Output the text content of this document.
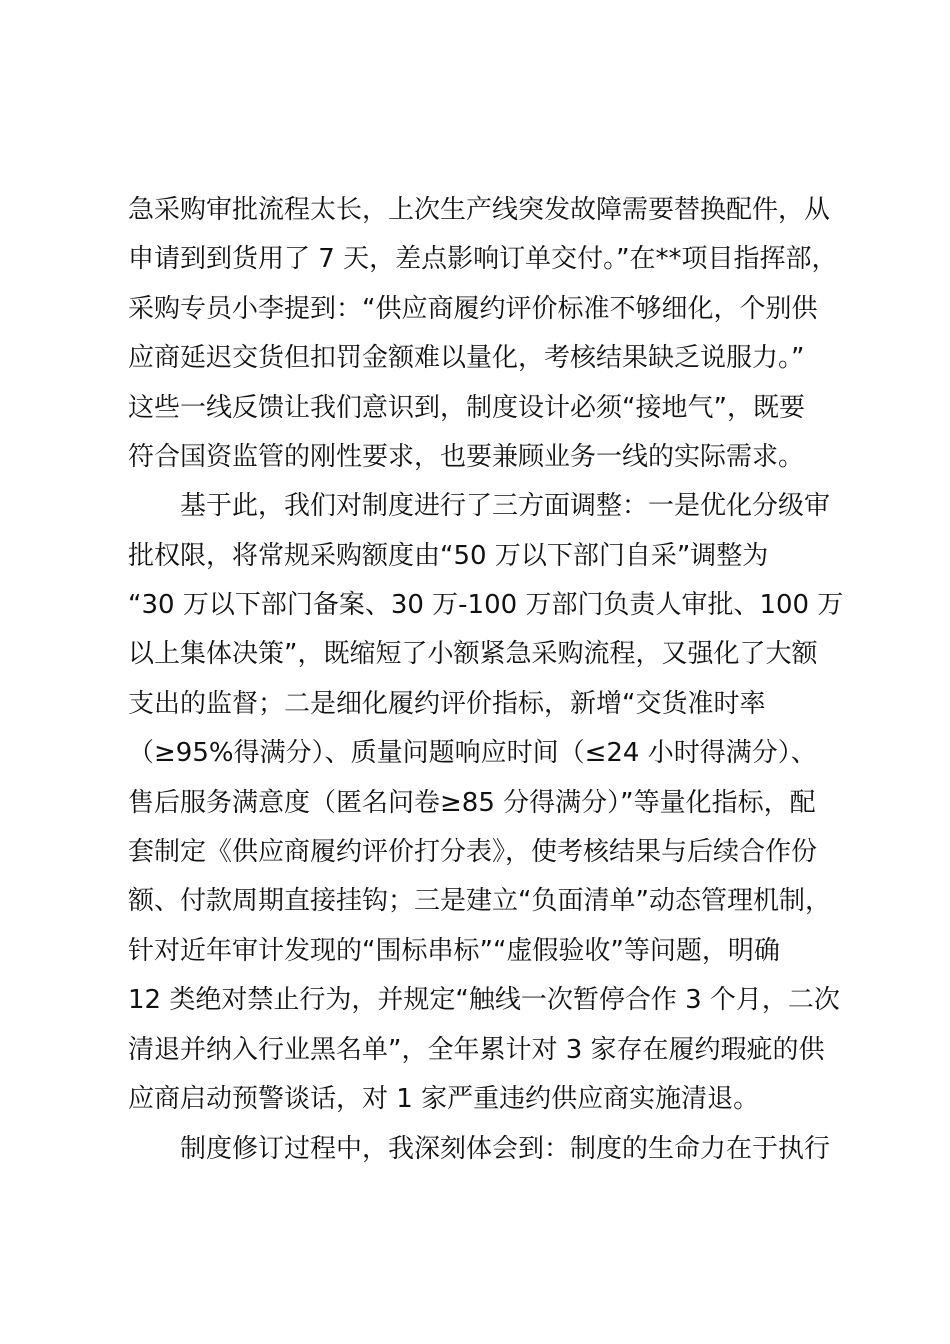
急采购审批流程太长，上次生产线突发故障需要替换配件，从
申请到到货用了 7 天，差点影响订单交付。”在**项目指挥部，
采购专员小李提到：“供应商履约评价标准不够细化，个别供
应商延迟交货但扣罚金额难以量化，考核结果缺乏说服力。”
这些一线反馈让我们意识到，制度设计必须“接地气”，既要
符合国资监管的刚性要求，也要兼顾业务一线的实际需求。
基于此，我们对制度进行了三方面调整：一是优化分级审
批权限，将常规采购额度由“50 万以下部门自采”调整为
“30 万以下部门备案、30 万-100 万部门负责人审批、100 万
以上集体决策”，既缩短了小额紧急采购流程，又强化了大额
支出的监督；二是细化履约评价指标，新增“交货准时率
（≥95%得满分）、质量问题响应时间（≤24 小时得满分）、
售后服务满意度（匿名问卷≥85 分得满分）”等量化指标，配
套制定《供应商履约评价打分表》，使考核结果与后续合作份
额、付款周期直接挂钩；三是建立“负面清单”动态管理机制，
针对近年审计发现的“围标串标”“虚假验收”等问题，明确
12 类绝对禁止行为，并规定“触线一次暂停合作 3 个月，二次
清退并纳入行业黑名单”，全年累计对 3 家存在履约瑕疵的供
应商启动预警谈话，对 1 家严重违约供应商实施清退。
制度修订过程中，我深刻体会到：制度的生命力在于执行
